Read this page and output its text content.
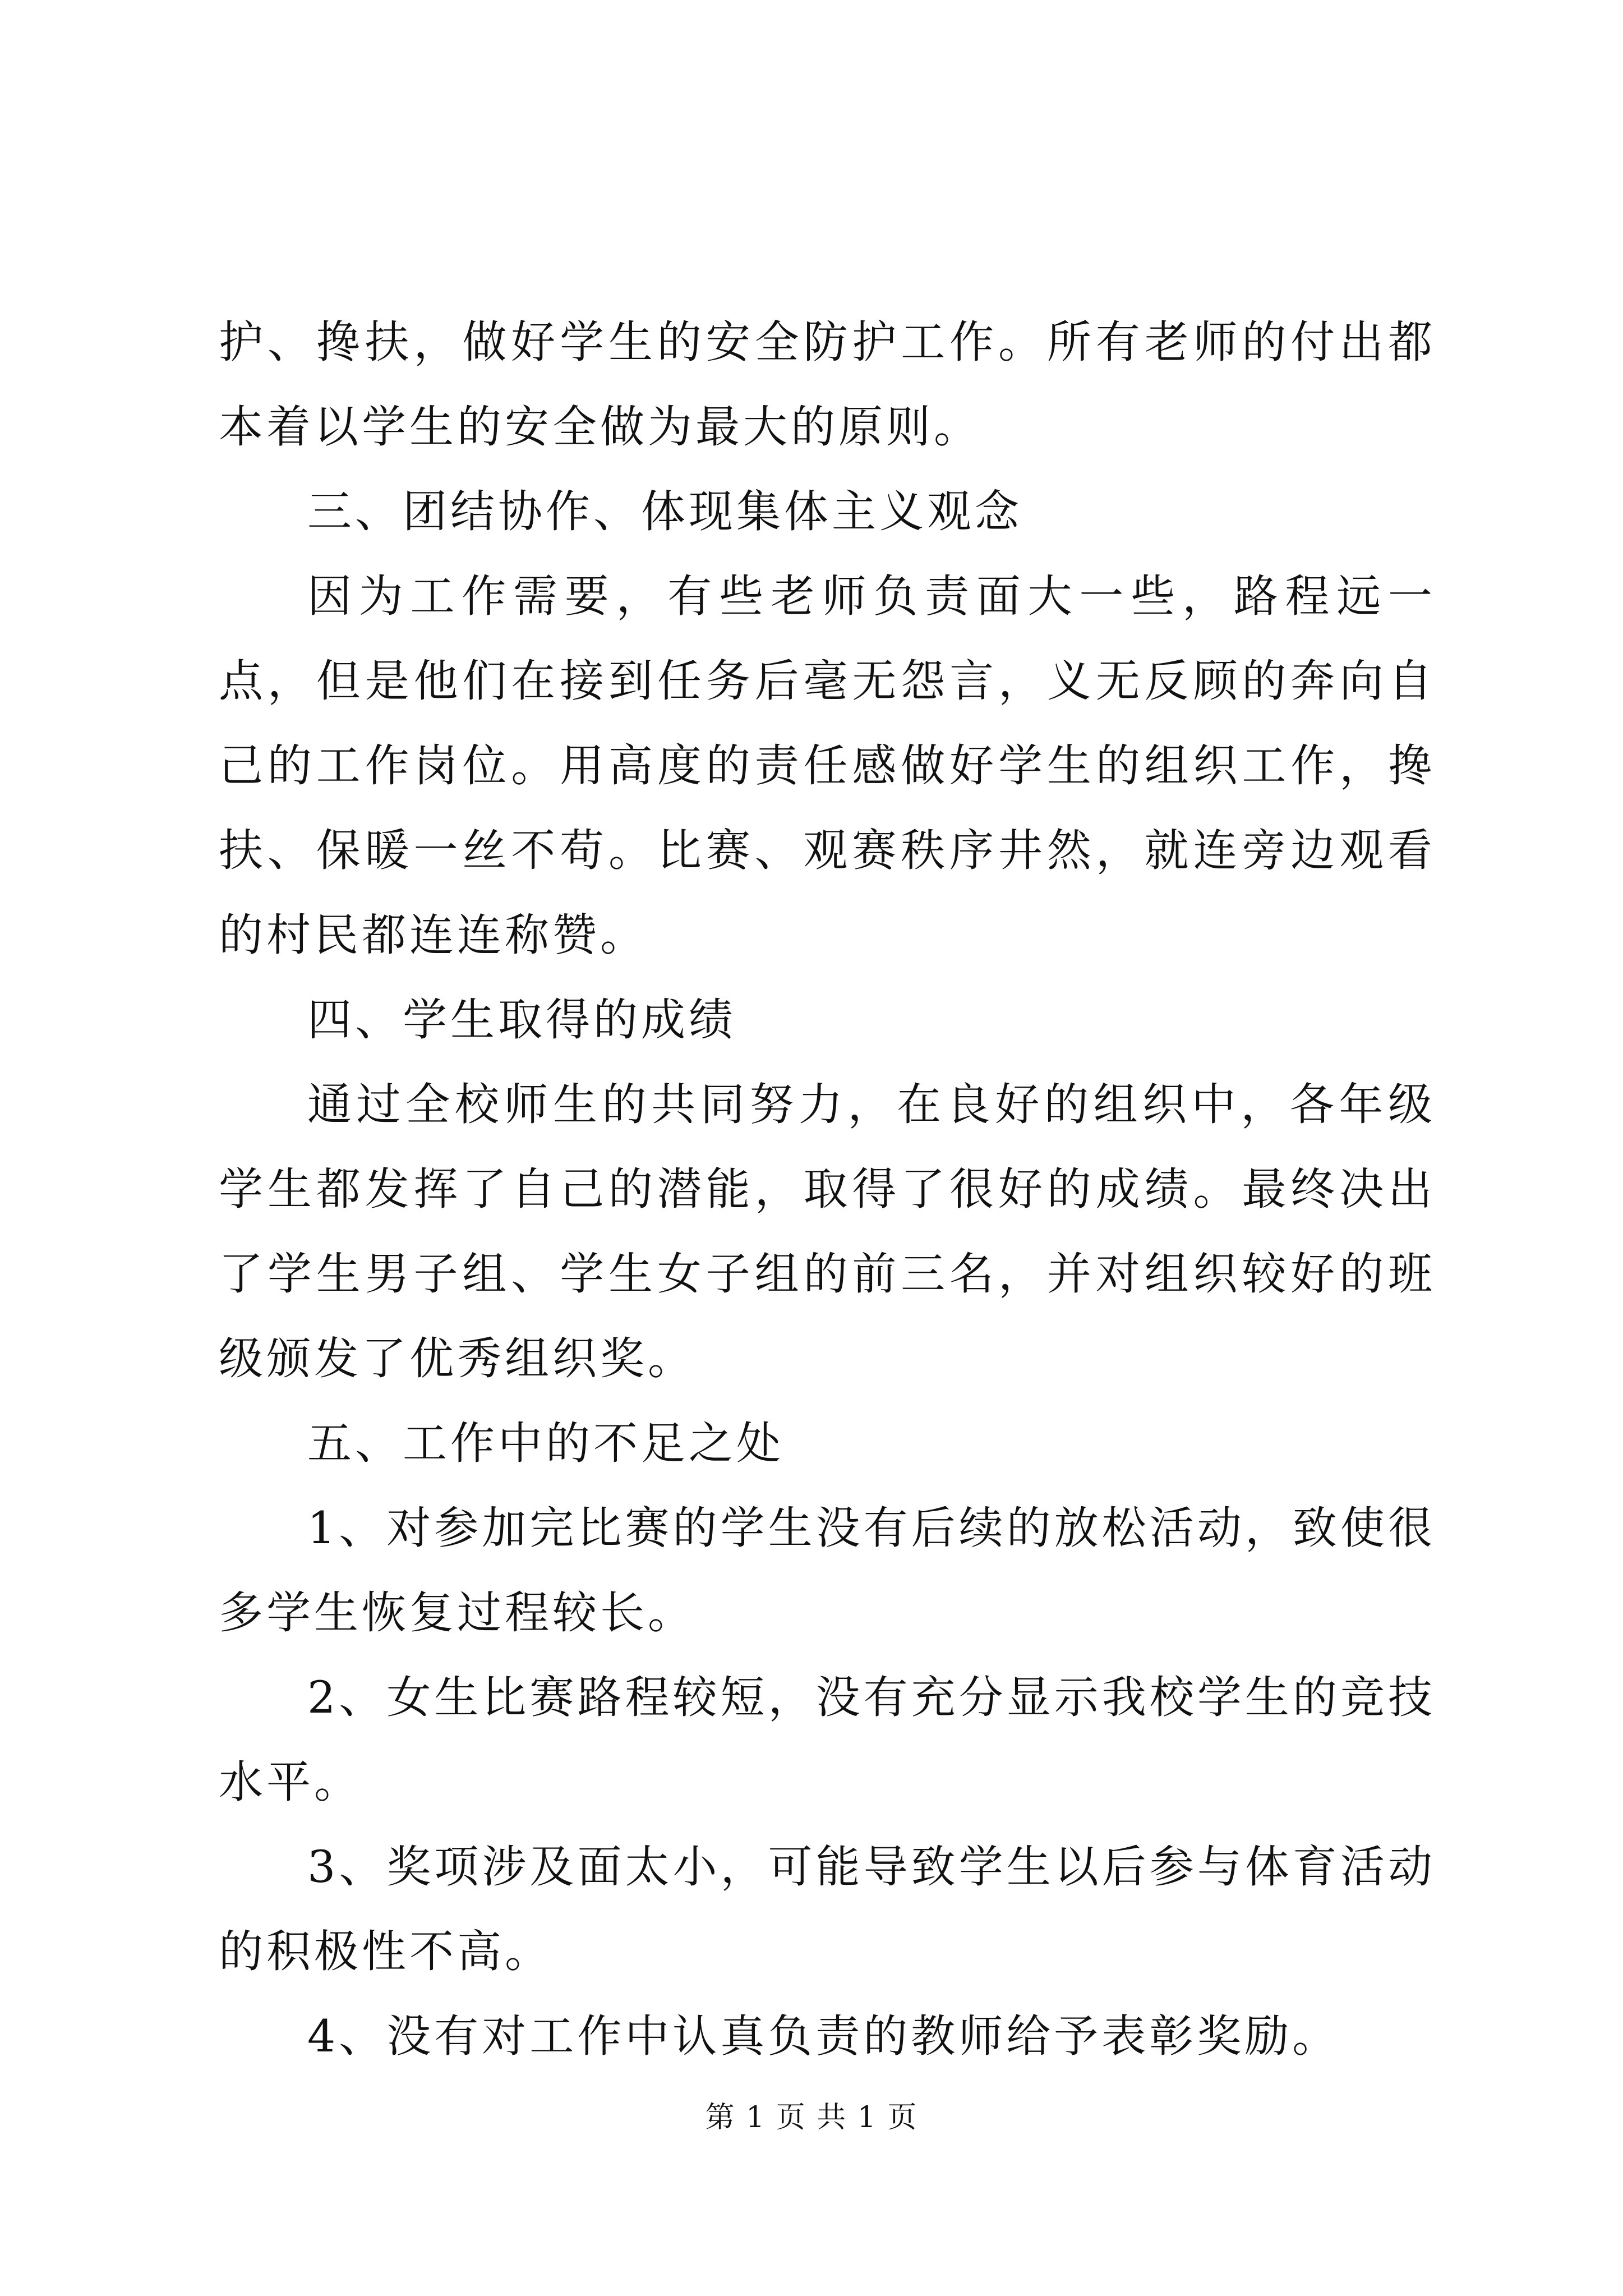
护、搀扶，做好学生的安全防护工作。所有老师的付出都本着以学生的安全做为最大的原则。

三、团结协作、体现集体主义观念

因为工作需要，有些老师负责面大一些，路程远一点，但是他们在接到任务后毫无怨言，义无反顾的奔向自己的工作岗位。用高度的责任感做好学生的组织工作，搀扶、保暖一丝不苟。比赛、观赛秩序井然，就连旁边观看的村民都连连称赞。

四、学生取得的成绩

通过全校师生的共同努力，在良好的组织中，各年级学生都发挥了自己的潜能，取得了很好的成绩。最终决出了学生男子组、学生女子组的前三名，并对组织较好的班级颁发了优秀组织奖。

五、工作中的不足之处

1、对参加完比赛的学生没有后续的放松活动，致使很多学生恢复过程较长。

2、女生比赛路程较短，没有充分显示我校学生的竞技水平。

3、奖项涉及面太小，可能导致学生以后参与体育活动的积极性不高。

4、没有对工作中认真负责的教师给予表彰奖励。

第 1 页 共 1 页
